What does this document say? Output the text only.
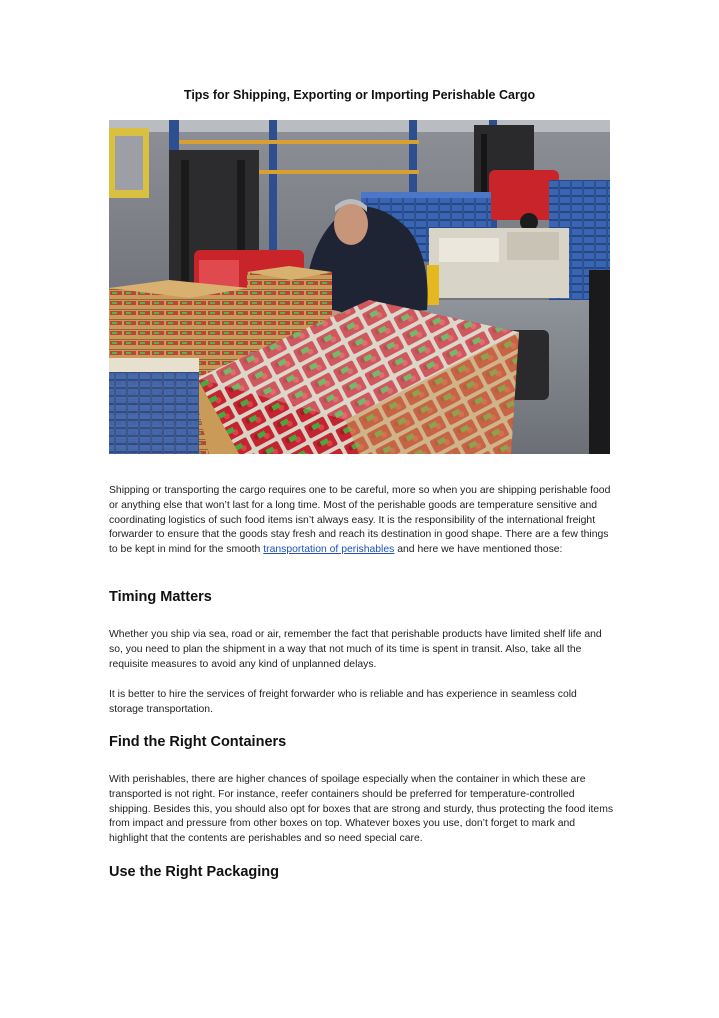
Tips for Shipping, Exporting or Importing Perishable Cargo

Shipping or transporting the cargo requires one to be careful, more so when you are shipping perishable food or anything else that won’t last for a long time. Most of the perishable goods are temperature sensitive and coordinating logistics of such food items isn’t always easy. It is the responsibility of the international freight forwarder to ensure that the goods stay fresh and reach its destination in good shape. There are a few things to be kept in mind for the smooth transportation of perishables and here we have mentioned those:

Timing Matters

Whether you ship via sea, road or air, remember the fact that perishable products have limited shelf life and so, you need to plan the shipment in a way that not much of its time is spent in transit. Also, take all the requisite measures to avoid any kind of unplanned delays.

It is better to hire the services of freight forwarder who is reliable and has experience in seamless cold storage transportation.

Find the Right Containers

With perishables, there are higher chances of spoilage especially when the container in which these are transported is not right. For instance, reefer containers should be preferred for temperature-controlled shipping. Besides this, you should also opt for boxes that are strong and sturdy, thus protecting the food items from impact and pressure from other boxes on top. Whatever boxes you use, don’t forget to mark and highlight that the contents are perishables and so need special care.

Use the Right Packaging
